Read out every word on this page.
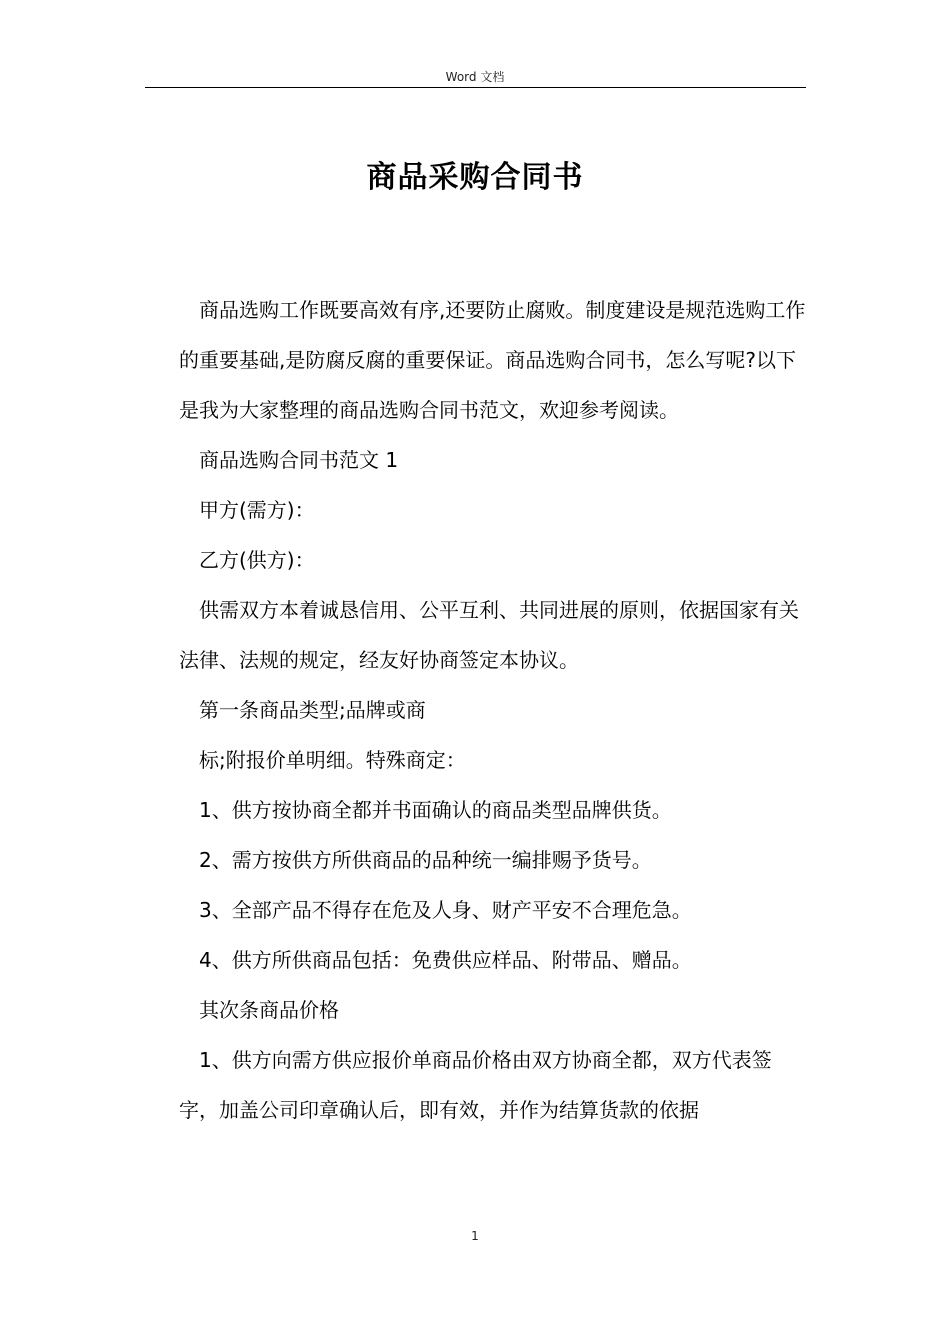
Word 文档
商品采购合同书

商品选购工作既要高效有序,还要防止腐败。制度建设是规范选购工作的重要基础,是防腐反腐的重要保证。商品选购合同书，怎么写呢?以下是我为大家整理的商品选购合同书范文，欢迎参考阅读。

商品选购合同书范文 1

甲方(需方)：

乙方(供方)：

供需双方本着诚恳信用、公平互利、共同进展的原则，依据国家有关法律、法规的规定，经友好协商签定本协议。

第一条商品类型;品牌或商

标;附报价单明细。特殊商定：

1、供方按协商全都并书面确认的商品类型品牌供货。

2、需方按供方所供商品的品种统一编排赐予货号。

3、全部产品不得存在危及人身、财产平安不合理危急。

4、供方所供商品包括：免费供应样品、附带品、赠品。

其次条商品价格

1、供方向需方供应报价单商品价格由双方协商全都，双方代表签字，加盖公司印章确认后，即有效，并作为结算货款的依据

1
